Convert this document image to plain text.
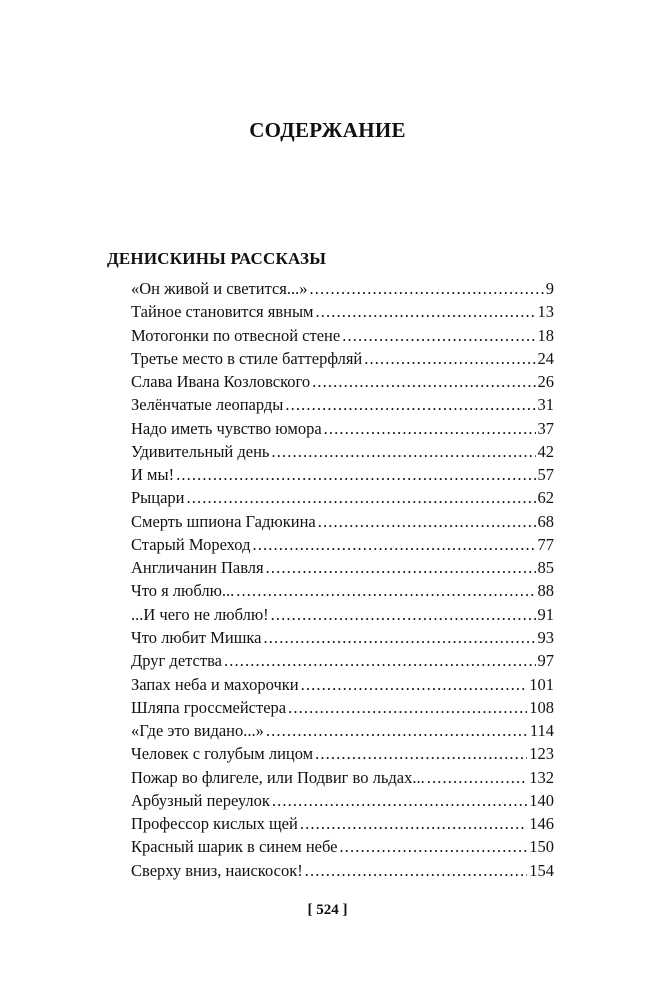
СОДЕРЖАНИЕ
ДЕНИСКИНЫ РАССКАЗЫ
«Он живой и светится...» . . .	9
Тайное становится явным . . .	13
Мотогонки по отвесной стене . . .	18
Третье место в стиле баттерфляй . . .	24
Слава Ивана Козловского . . .	26
Зелёнчатые леопарды . . .	31
Надо иметь чувство юмора . . .	37
Удивительный день . . .	42
И мы! . . .	57
Рыцари . . .	62
Смерть шпиона Гадюкина . . .	68
Старый Мореход . . .	77
Англичанин Павля . . .	85
Что я люблю... . . .	88
...И чего не люблю! . . .	91
Что любит Мишка . . .	93
Друг детства . . .	97
Запах неба и махорочки . . .	101
Шляпа гроссмейстера . . .	108
«Где это видано...» . . .	114
Человек с голубым лицом . . .	123
Пожар во флигеле, или Подвиг во льдах... . . .	132
Арбузный переулок . . .	140
Профессор кислых щей . . .	146
Красный шарик в синем небе . . .	150
Сверху вниз, наискосок! . . .	154
[ 524 ]
